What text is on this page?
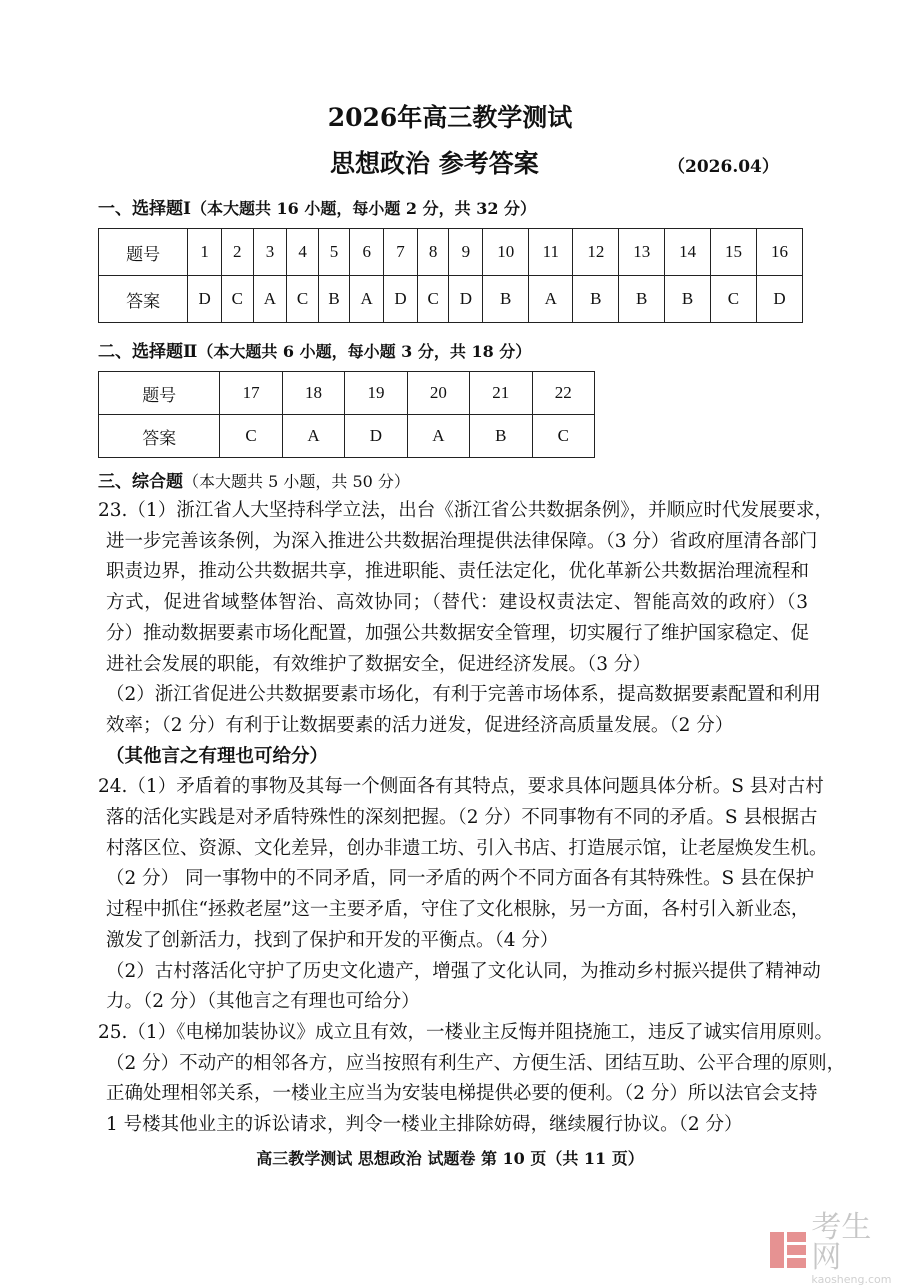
2026年高三教学测试
思想政治 参考答案	（2026.04）
一、选择题Ⅰ（本大题共 16 小题，每小题 2 分，共 32 分）
题号	1	2	3	4	5	6	7	8	9	10	11	12	13	14	15	16
答案	D	C	A	C	B	A	D	C	D	B	A	B	B	B	C	D
二、选择题Ⅱ（本大题共 6 小题，每小题 3 分，共 18 分）
题号	17	18	19	20	21	22
答案	C	A	D	A	B	C
三、综合题（本大题共 5 小题，共 50 分）
23.（1）浙江省人大坚持科学立法，出台《浙江省公共数据条例》，并顺应时代发展要求，
进一步完善该条例，为深入推进公共数据治理提供法律保障。（3 分）省政府厘清各部门
职责边界，推动公共数据共享，推进职能、责任法定化，优化革新公共数据治理流程和
方式，促进省域整体智治、高效协同；（替代：建设权责法定、智能高效的政府）（3
分）推动数据要素市场化配置，加强公共数据安全管理，切实履行了维护国家稳定、促
进社会发展的职能，有效维护了数据安全，促进经济发展。（3 分）
（2）浙江省促进公共数据要素市场化，有利于完善市场体系，提高数据要素配置和利用
效率；（2 分）有利于让数据要素的活力迸发，促进经济高质量发展。（2 分）
（其他言之有理也可给分）
24.（1）矛盾着的事物及其每一个侧面各有其特点，要求具体问题具体分析。S 县对古村
落的活化实践是对矛盾特殊性的深刻把握。（2 分）不同事物有不同的矛盾。S 县根据古
村落区位、资源、文化差异，创办非遗工坊、引入书店、打造展示馆，让老屋焕发生机。
（2 分） 同一事物中的不同矛盾，同一矛盾的两个不同方面各有其特殊性。S 县在保护
过程中抓住“拯救老屋”这一主要矛盾，守住了文化根脉，另一方面，各村引入新业态，
激发了创新活力，找到了保护和开发的平衡点。（4 分）
（2）古村落活化守护了历史文化遗产，增强了文化认同，为推动乡村振兴提供了精神动
力。（2 分）（其他言之有理也可给分）
25.（1）《电梯加装协议》成立且有效，一楼业主反悔并阻挠施工，违反了诚实信用原则。
（2 分）不动产的相邻各方，应当按照有利生产、方便生活、团结互助、公平合理的原则，
正确处理相邻关系，一楼业主应当为安装电梯提供必要的便利。（2 分）所以法官会支持
1 号楼其他业主的诉讼请求，判令一楼业主排除妨碍，继续履行协议。（2 分）
高三教学测试 思想政治 试题卷 第 10 页（共 11 页）
考生网
kaosheng.com
